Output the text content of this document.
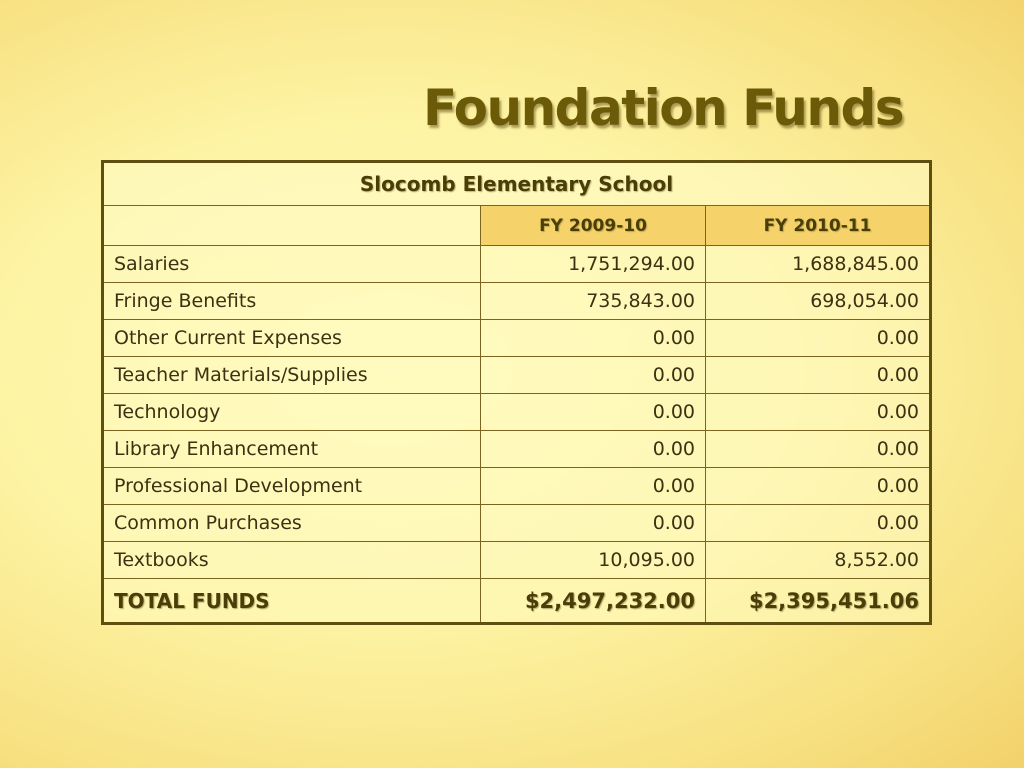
Foundation Funds
Slocomb Elementary School		
	FY 2009-10	FY 2010-11
Salaries	1,751,294.00	1,688,845.00
Fringe Benefits	735,843.00	698,054.00
Other Current Expenses	0.00	0.00
Teacher Materials/Supplies	0.00	0.00
Technology	0.00	0.00
Library Enhancement	0.00	0.00
Professional Development	0.00	0.00
Common Purchases	0.00	0.00
Textbooks	10,095.00	8,552.00
TOTAL FUNDS	$2,497,232.00	$2,395,451.06
